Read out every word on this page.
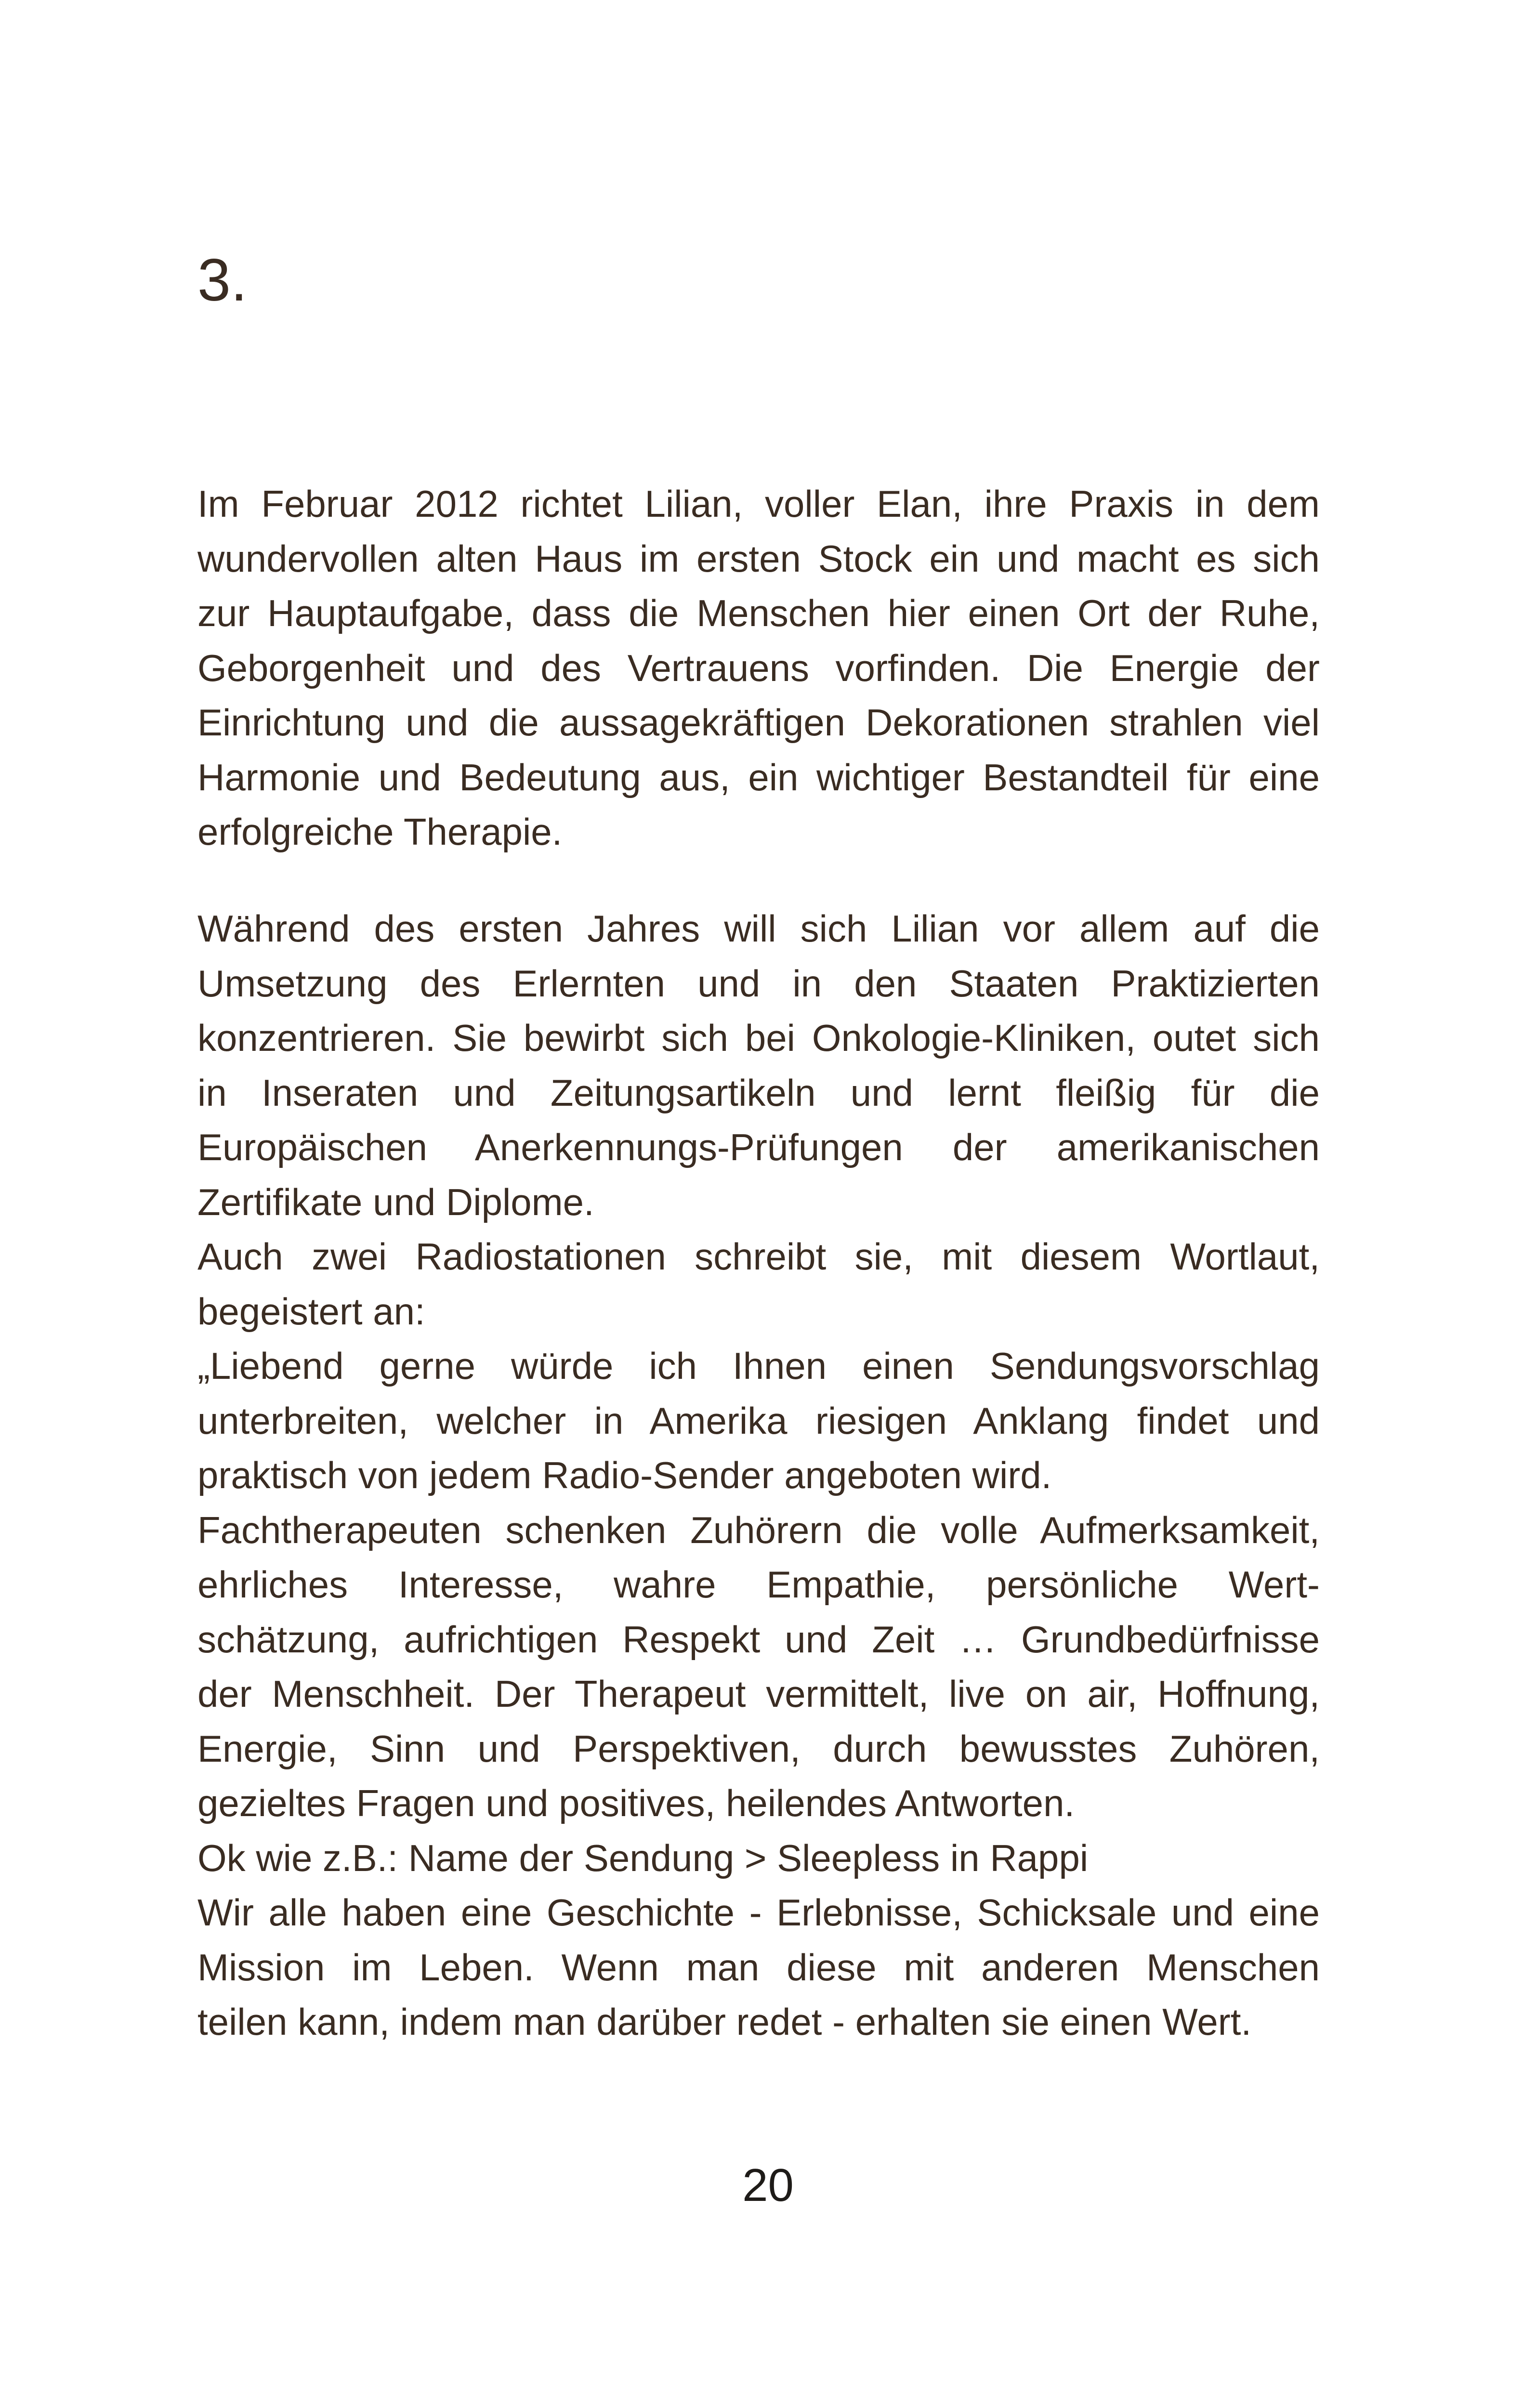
3.
Im Februar 2012 richtet Lilian, voller Elan, ihre Praxis in dem
wundervollen alten Haus im ersten Stock ein und macht es sich
zur Hauptaufgabe, dass die Menschen hier einen Ort der Ruhe,
Geborgenheit und des Vertrauens vorfinden. Die Energie der
Einrichtung und die aussagekräftigen Dekorationen strahlen viel
Harmonie und Bedeutung aus, ein wichtiger Bestandteil für eine
erfolgreiche Therapie.
Während des ersten Jahres will sich Lilian vor allem auf die
Umsetzung des Erlernten und in den Staaten Praktizierten
konzentrieren. Sie bewirbt sich bei Onkologie-Kliniken, outet sich
in Inseraten und Zeitungsartikeln und lernt fleißig für die
Europäischen Anerkennungs-Prüfungen der amerikanischen
Zertifikate und Diplome.
Auch zwei Radiostationen schreibt sie, mit diesem Wortlaut,
begeistert an:
„Liebend gerne würde ich Ihnen einen Sendungsvorschlag
unterbreiten, welcher in Amerika riesigen Anklang findet und
praktisch von jedem Radio-Sender angeboten wird.
Fachtherapeuten schenken Zuhörern die volle Aufmerksamkeit,
ehrliches Interesse, wahre Empathie, persönliche Wert-
schätzung, aufrichtigen Respekt und Zeit … Grundbedürfnisse
der Menschheit. Der Therapeut vermittelt, live on air, Hoffnung,
Energie, Sinn und Perspektiven, durch bewusstes Zuhören,
gezieltes Fragen und positives, heilendes Antworten.
Ok wie z.B.: Name der Sendung > Sleepless in Rappi
Wir alle haben eine Geschichte - Erlebnisse, Schicksale und eine
Mission im Leben. Wenn man diese mit anderen Menschen
teilen kann, indem man darüber redet - erhalten sie einen Wert.
20
